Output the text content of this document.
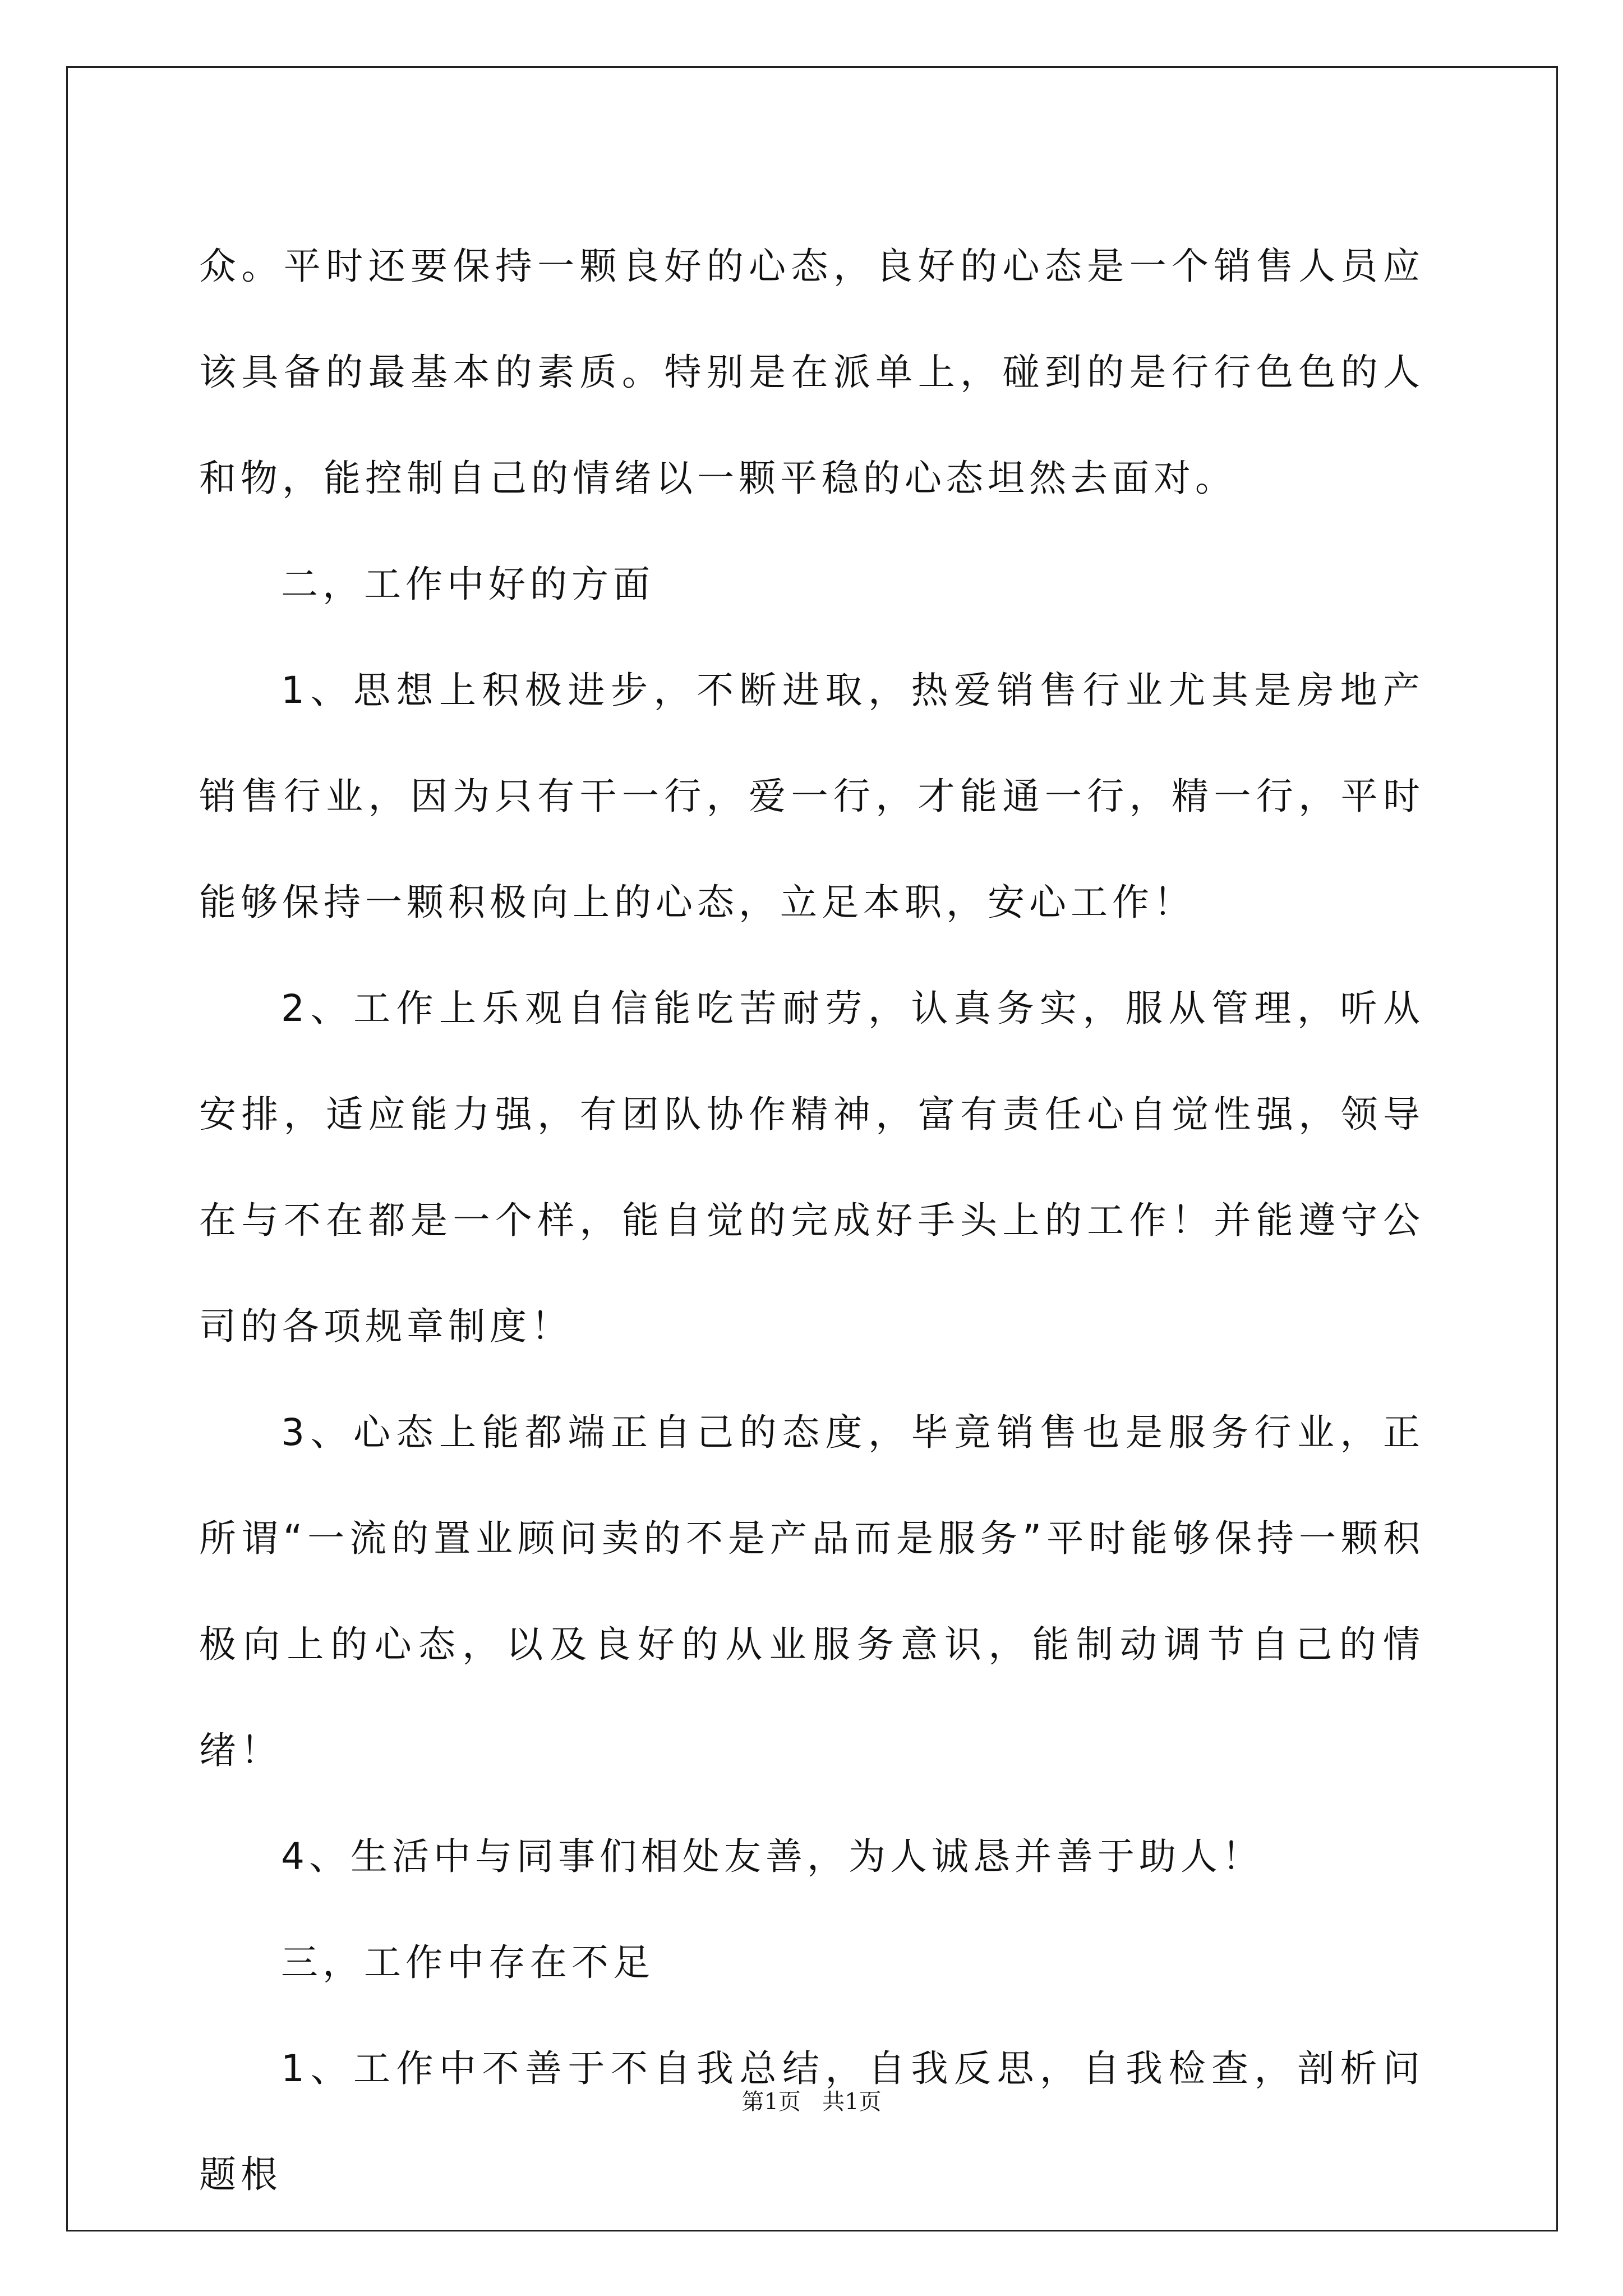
众。平时还要保持一颗良好的心态，良好的心态是一个销售人员应该具备的最基本的素质。特别是在派单上，碰到的是行行色色的人和物，能控制自己的情绪以一颗平稳的心态坦然去面对。

二，工作中好的方面

1、思想上积极进步，不断进取，热爱销售行业尤其是房地产销售行业，因为只有干一行，爱一行，才能通一行，精一行，平时能够保持一颗积极向上的心态，立足本职，安心工作！

2、工作上乐观自信能吃苦耐劳，认真务实，服从管理，听从安排，适应能力强，有团队协作精神，富有责任心自觉性强，领导在与不在都是一个样，能自觉的完成好手头上的工作！并能遵守公司的各项规章制度！

3、心态上能都端正自己的态度，毕竟销售也是服务行业，正所谓“一流的置业顾问卖的不是产品而是服务”平时能够保持一颗积极向上的心态，以及良好的从业服务意识，能制动调节自己的情绪！

4、生活中与同事们相处友善，为人诚恳并善于助人！

三，工作中存在不足

1、工作中不善于不自我总结，自我反思，自我检查，剖析问题根

第1页 共1页
